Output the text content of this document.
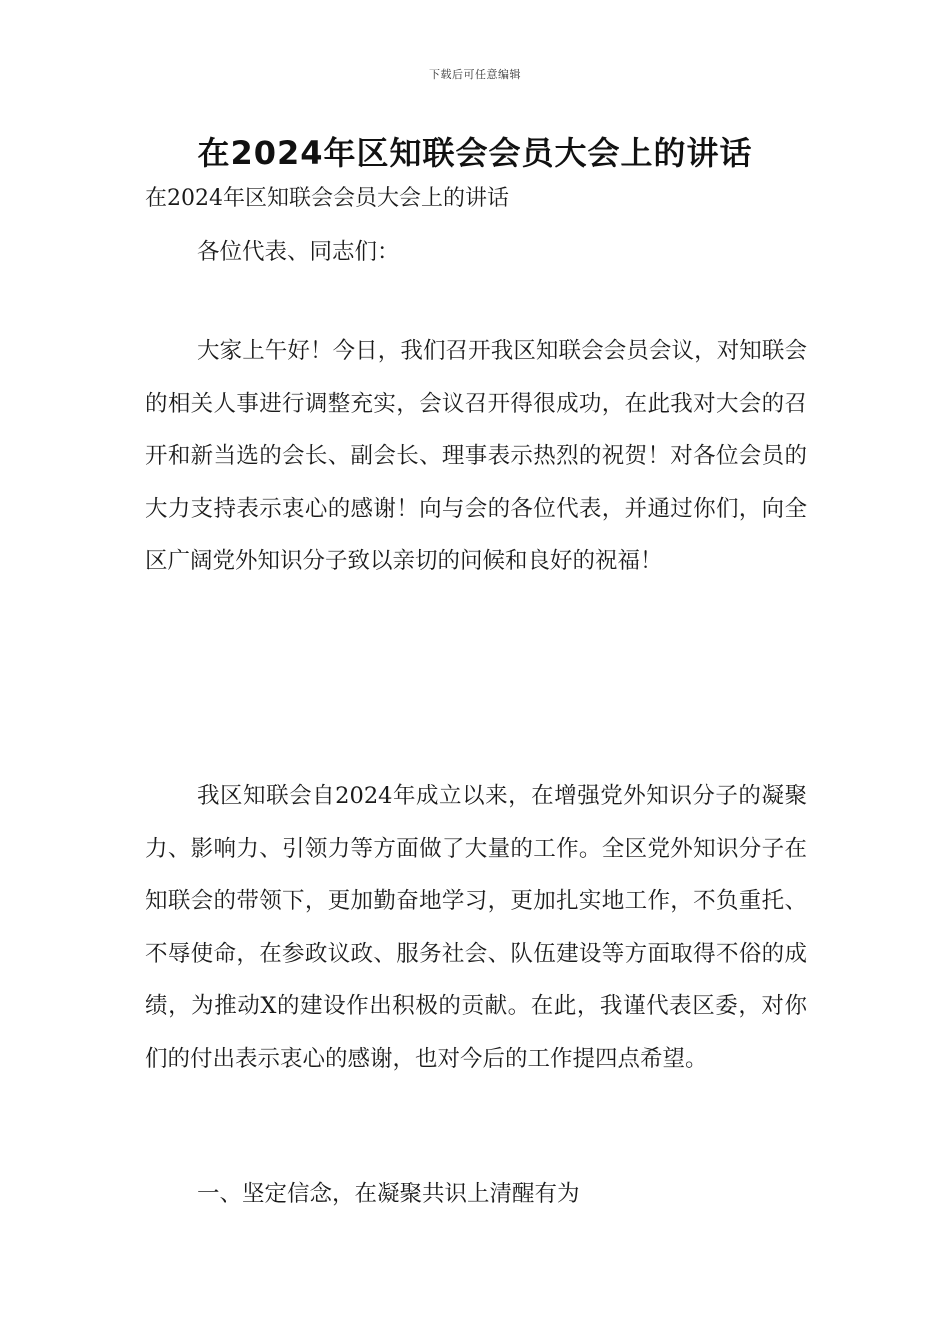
下载后可任意编辑
在2024年区知联会会员大会上的讲话

在2024年区知联会会员大会上的讲话

各位代表、同志们：

大家上午好！今日，我们召开我区知联会会员会议，对知联会的相关人事进行调整充实，会议召开得很成功，在此我对大会的召开和新当选的会长、副会长、理事表示热烈的祝贺！对各位会员的大力支持表示衷心的感谢！向与会的各位代表，并通过你们，向全区广阔党外知识分子致以亲切的问候和良好的祝福！

我区知联会自2024年成立以来，在增强党外知识分子的凝聚力、影响力、引领力等方面做了大量的工作。全区党外知识分子在知联会的带领下，更加勤奋地学习，更加扎实地工作，不负重托、不辱使命，在参政议政、服务社会、队伍建设等方面取得不俗的成绩，为推动X的建设作出积极的贡献。在此，我谨代表区委，对你们的付出表示衷心的感谢，也对今后的工作提四点希望。

一、坚定信念，在凝聚共识上清醒有为
